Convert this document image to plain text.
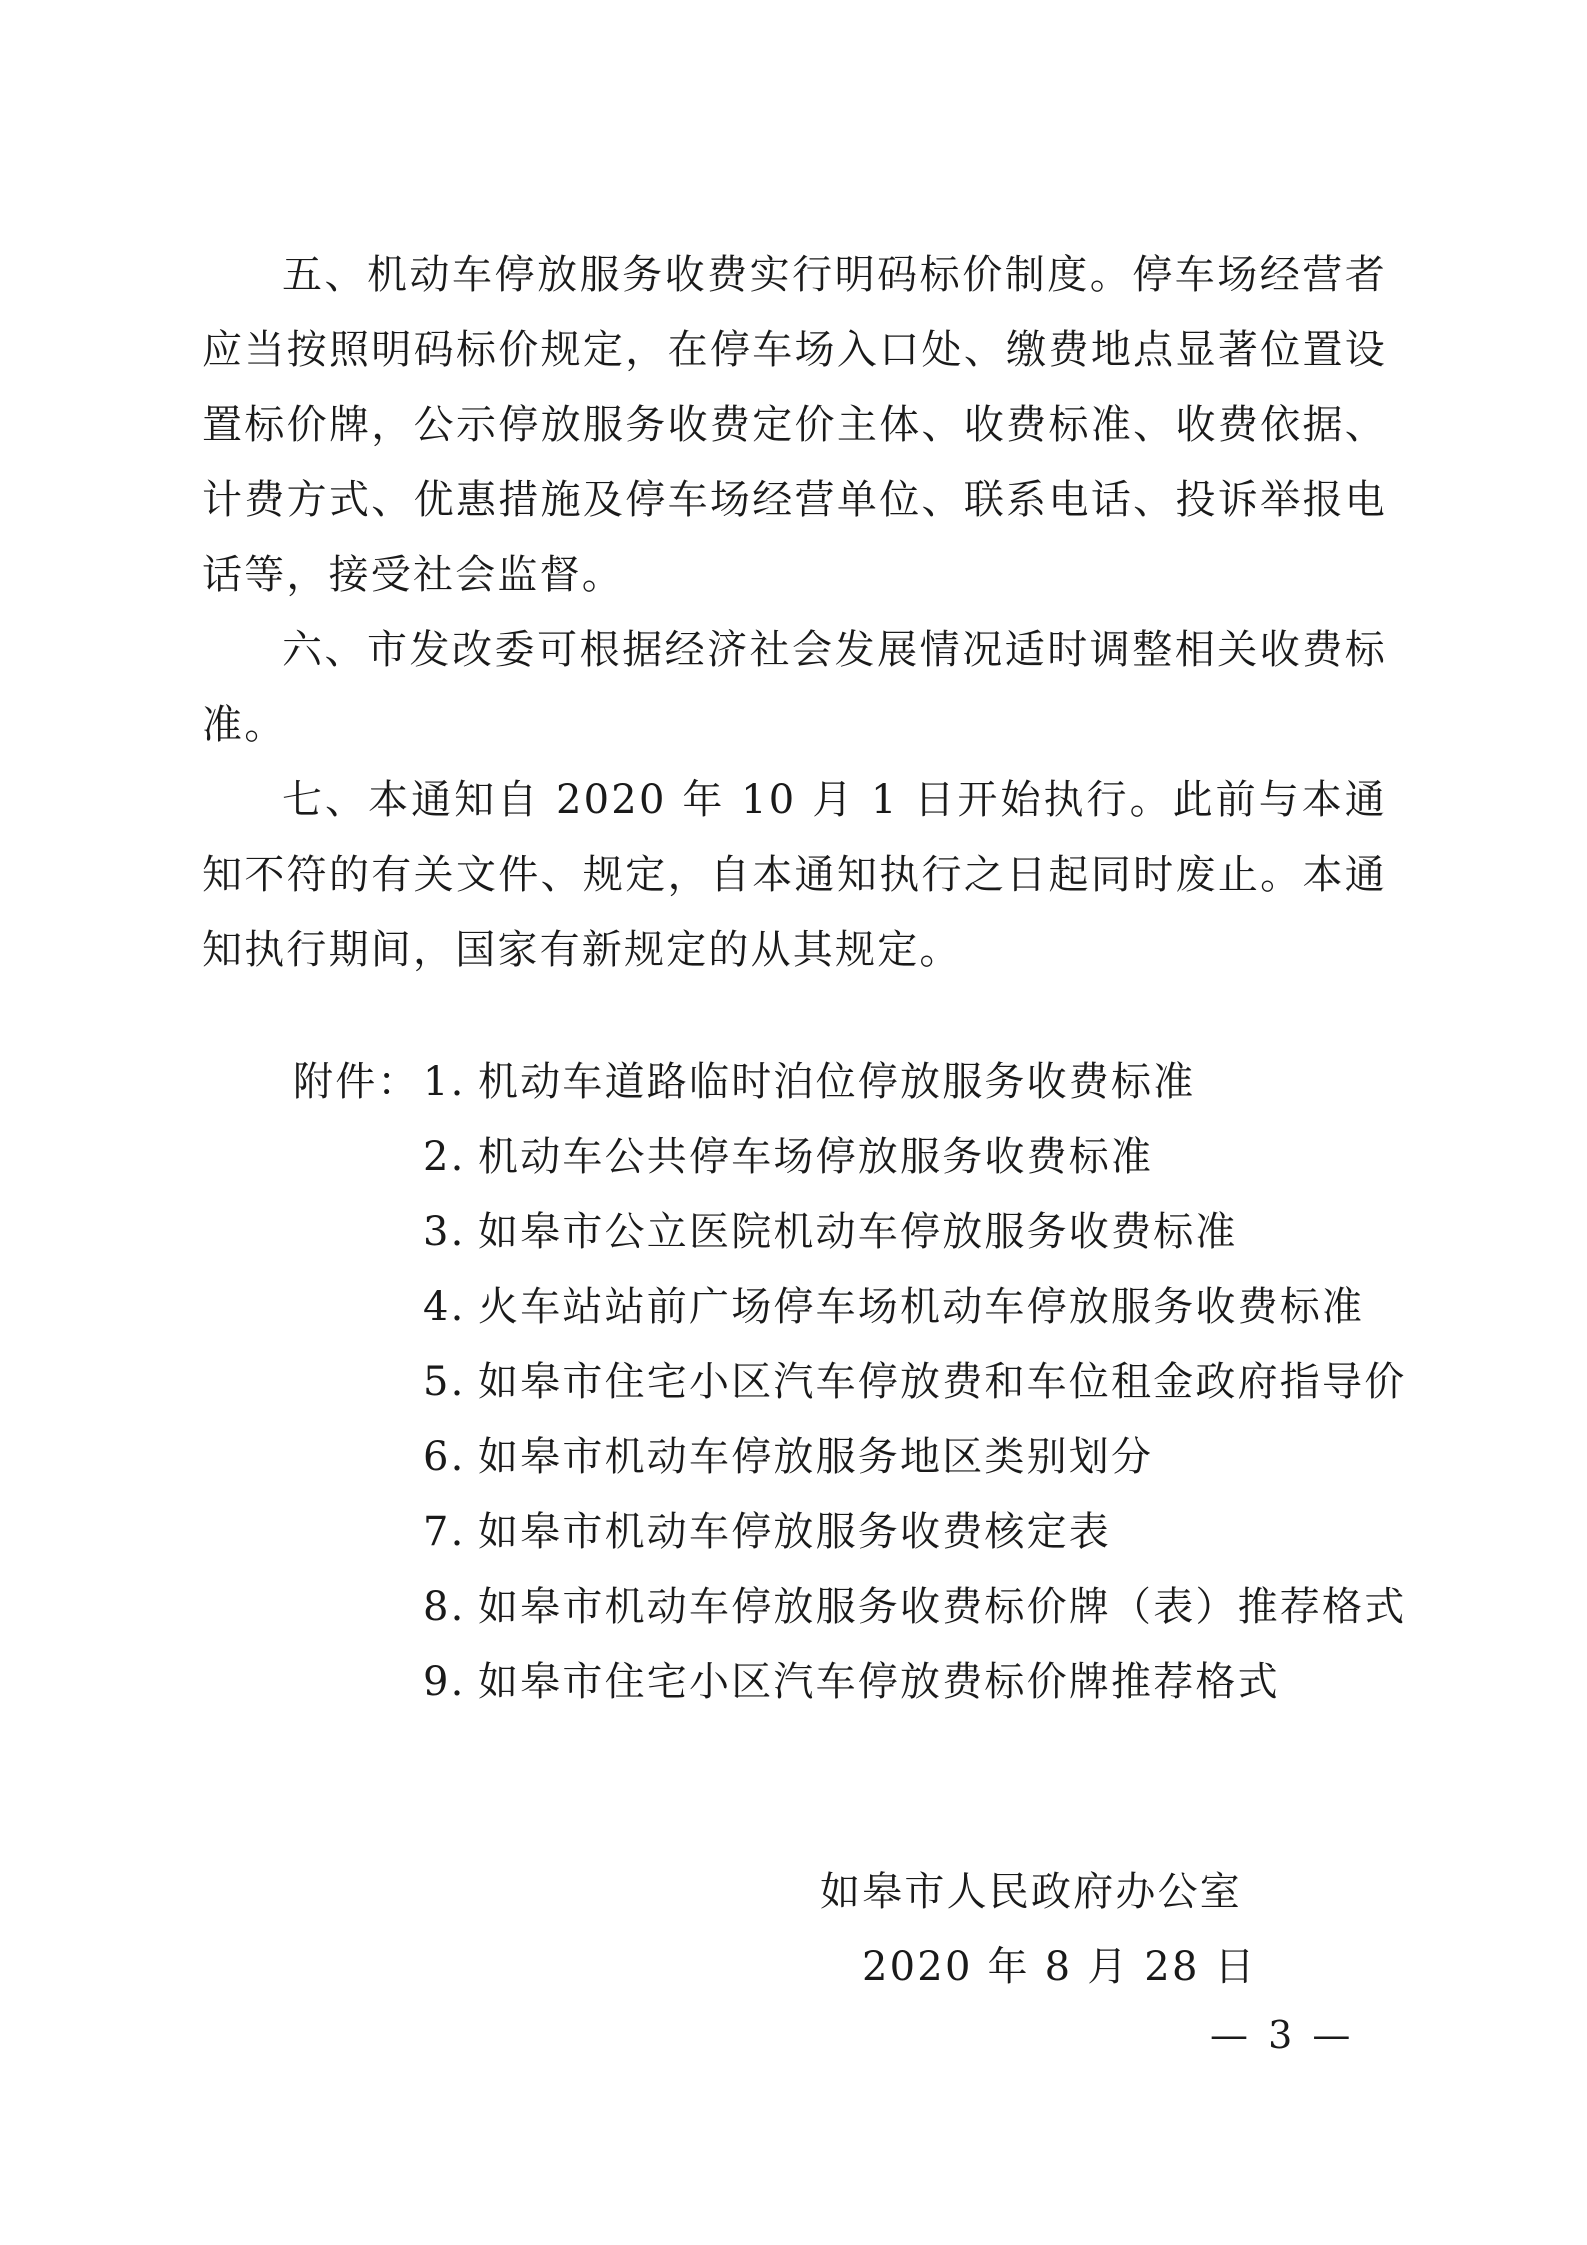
五、机动车停放服务收费实行明码标价制度。停车场经营者应当按照明码标价规定，在停车场入口处、缴费地点显著位置设置标价牌，公示停放服务收费定价主体、收费标准、收费依据、计费方式、优惠措施及停车场经营单位、联系电话、投诉举报电话等，接受社会监督。

六、市发改委可根据经济社会发展情况适时调整相关收费标准。

七、本通知自 2020 年 10 月 1 日开始执行。此前与本通知不符的有关文件、规定，自本通知执行之日起同时废止。本通知执行期间，国家有新规定的从其规定。

附件：1. 机动车道路临时泊位停放服务收费标准
2. 机动车公共停车场停放服务收费标准
3. 如皋市公立医院机动车停放服务收费标准
4. 火车站站前广场停车场机动车停放服务收费标准
5. 如皋市住宅小区汽车停放费和车位租金政府指导价
6. 如皋市机动车停放服务地区类别划分
7. 如皋市机动车停放服务收费核定表
8. 如皋市机动车停放服务收费标价牌（表）推荐格式
9. 如皋市住宅小区汽车停放费标价牌推荐格式
如皋市人民政府办公室
2020 年 8 月 28 日
— 3 —
